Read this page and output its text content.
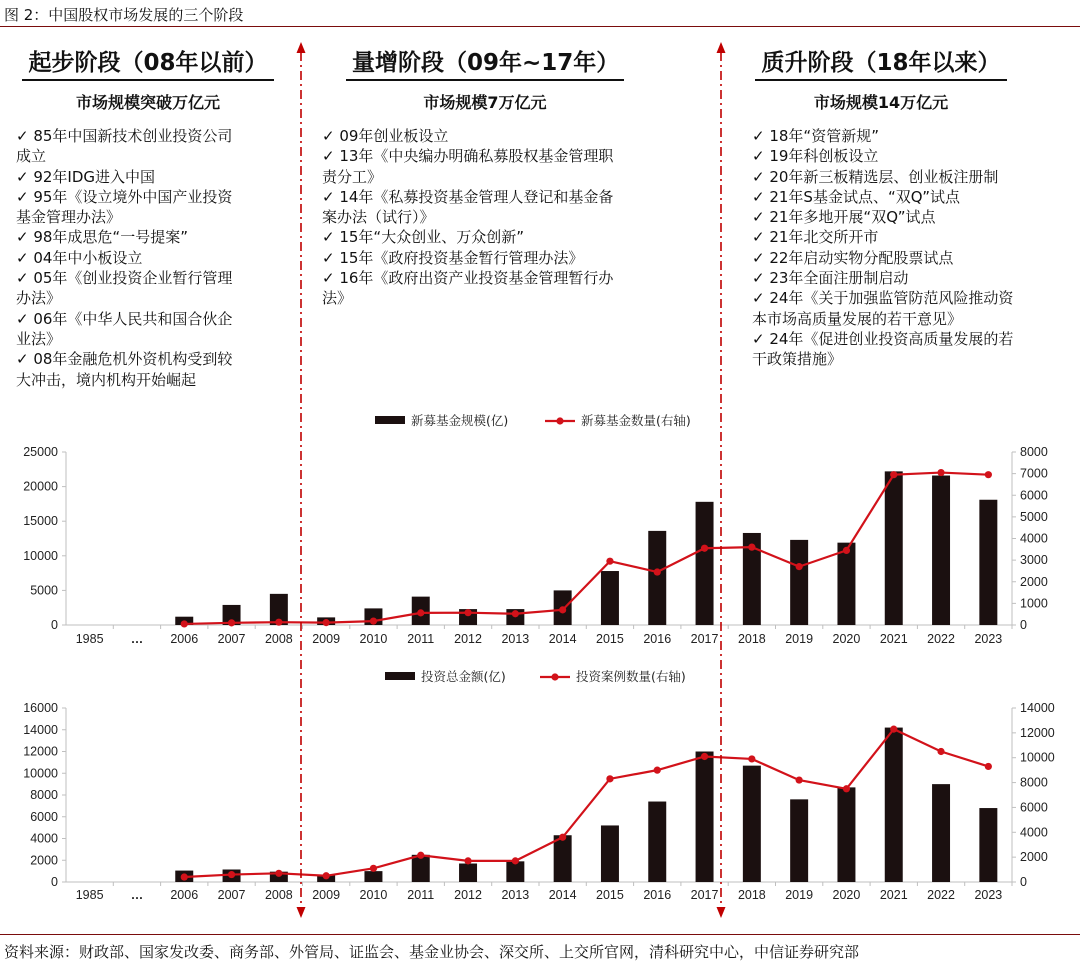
图 2：中国股权市场发展的三个阶段
起步阶段（08年以前）
市场规模突破万亿元
量增阶段（09年~17年）
市场规模7万亿元
质升阶段（18年以来）
市场规模14万亿元
✓ 85年中国新技术创业投资公司
成立
✓ 92年IDG进入中国
✓ 95年《设立境外中国产业投资
基金管理办法》
✓ 98年成思危“一号提案”
✓ 04年中小板设立
✓ 05年《创业投资企业暂行管理
办法》
✓ 06年《中华人民共和国合伙企
业法》
✓ 08年金融危机外资机构受到较
大冲击，境内机构开始崛起
✓ 09年创业板设立
✓ 13年《中央编办明确私募股权基金管理职
责分工》
✓ 14年《私募投资基金管理人登记和基金备
案办法（试行）》
✓ 15年“大众创业、万众创新”
✓ 15年《政府投资基金暂行管理办法》
✓ 16年《政府出资产业投资基金管理暂行办
法》
✓ 18年“资管新规”
✓ 19年科创板设立
✓ 20年新三板精选层、创业板注册制
✓ 21年S基金试点、“双Q”试点
✓ 21年多地开展“双Q”试点
✓ 21年北交所开市
✓ 22年启动实物分配股票试点
✓ 23年全面注册制启动
✓ 24年《关于加强监管防范风险推动资
本市场高质量发展的若干意见》
✓ 24年《促进创业投资高质量发展的若
干政策措施》
0
5000
10000
15000
20000
25000
0
1000
2000
3000
4000
5000
6000
7000
8000
1985 … 2006 2007 2008 2009 2010 2011 2012 2013 2014 2015 2016 2017 2018 2019 2020 2021 2022 2023
新募基金规模(亿)	新募基金数量(右轴)
0
2000
4000
6000
8000
10000
12000
14000
16000
0
2000
4000
6000
8000
10000
12000
14000
1985 … 2006 2007 2008 2009 2010 2011 2012 2013 2014 2015 2016 2017 2018 2019 2020 2021 2022 2023
投资总金额(亿)	投资案例数量(右轴)
资料来源：财政部、国家发改委、商务部、外管局、证监会、基金业协会、深交所、上交所官网，清科研究中心，中信证券研究部
